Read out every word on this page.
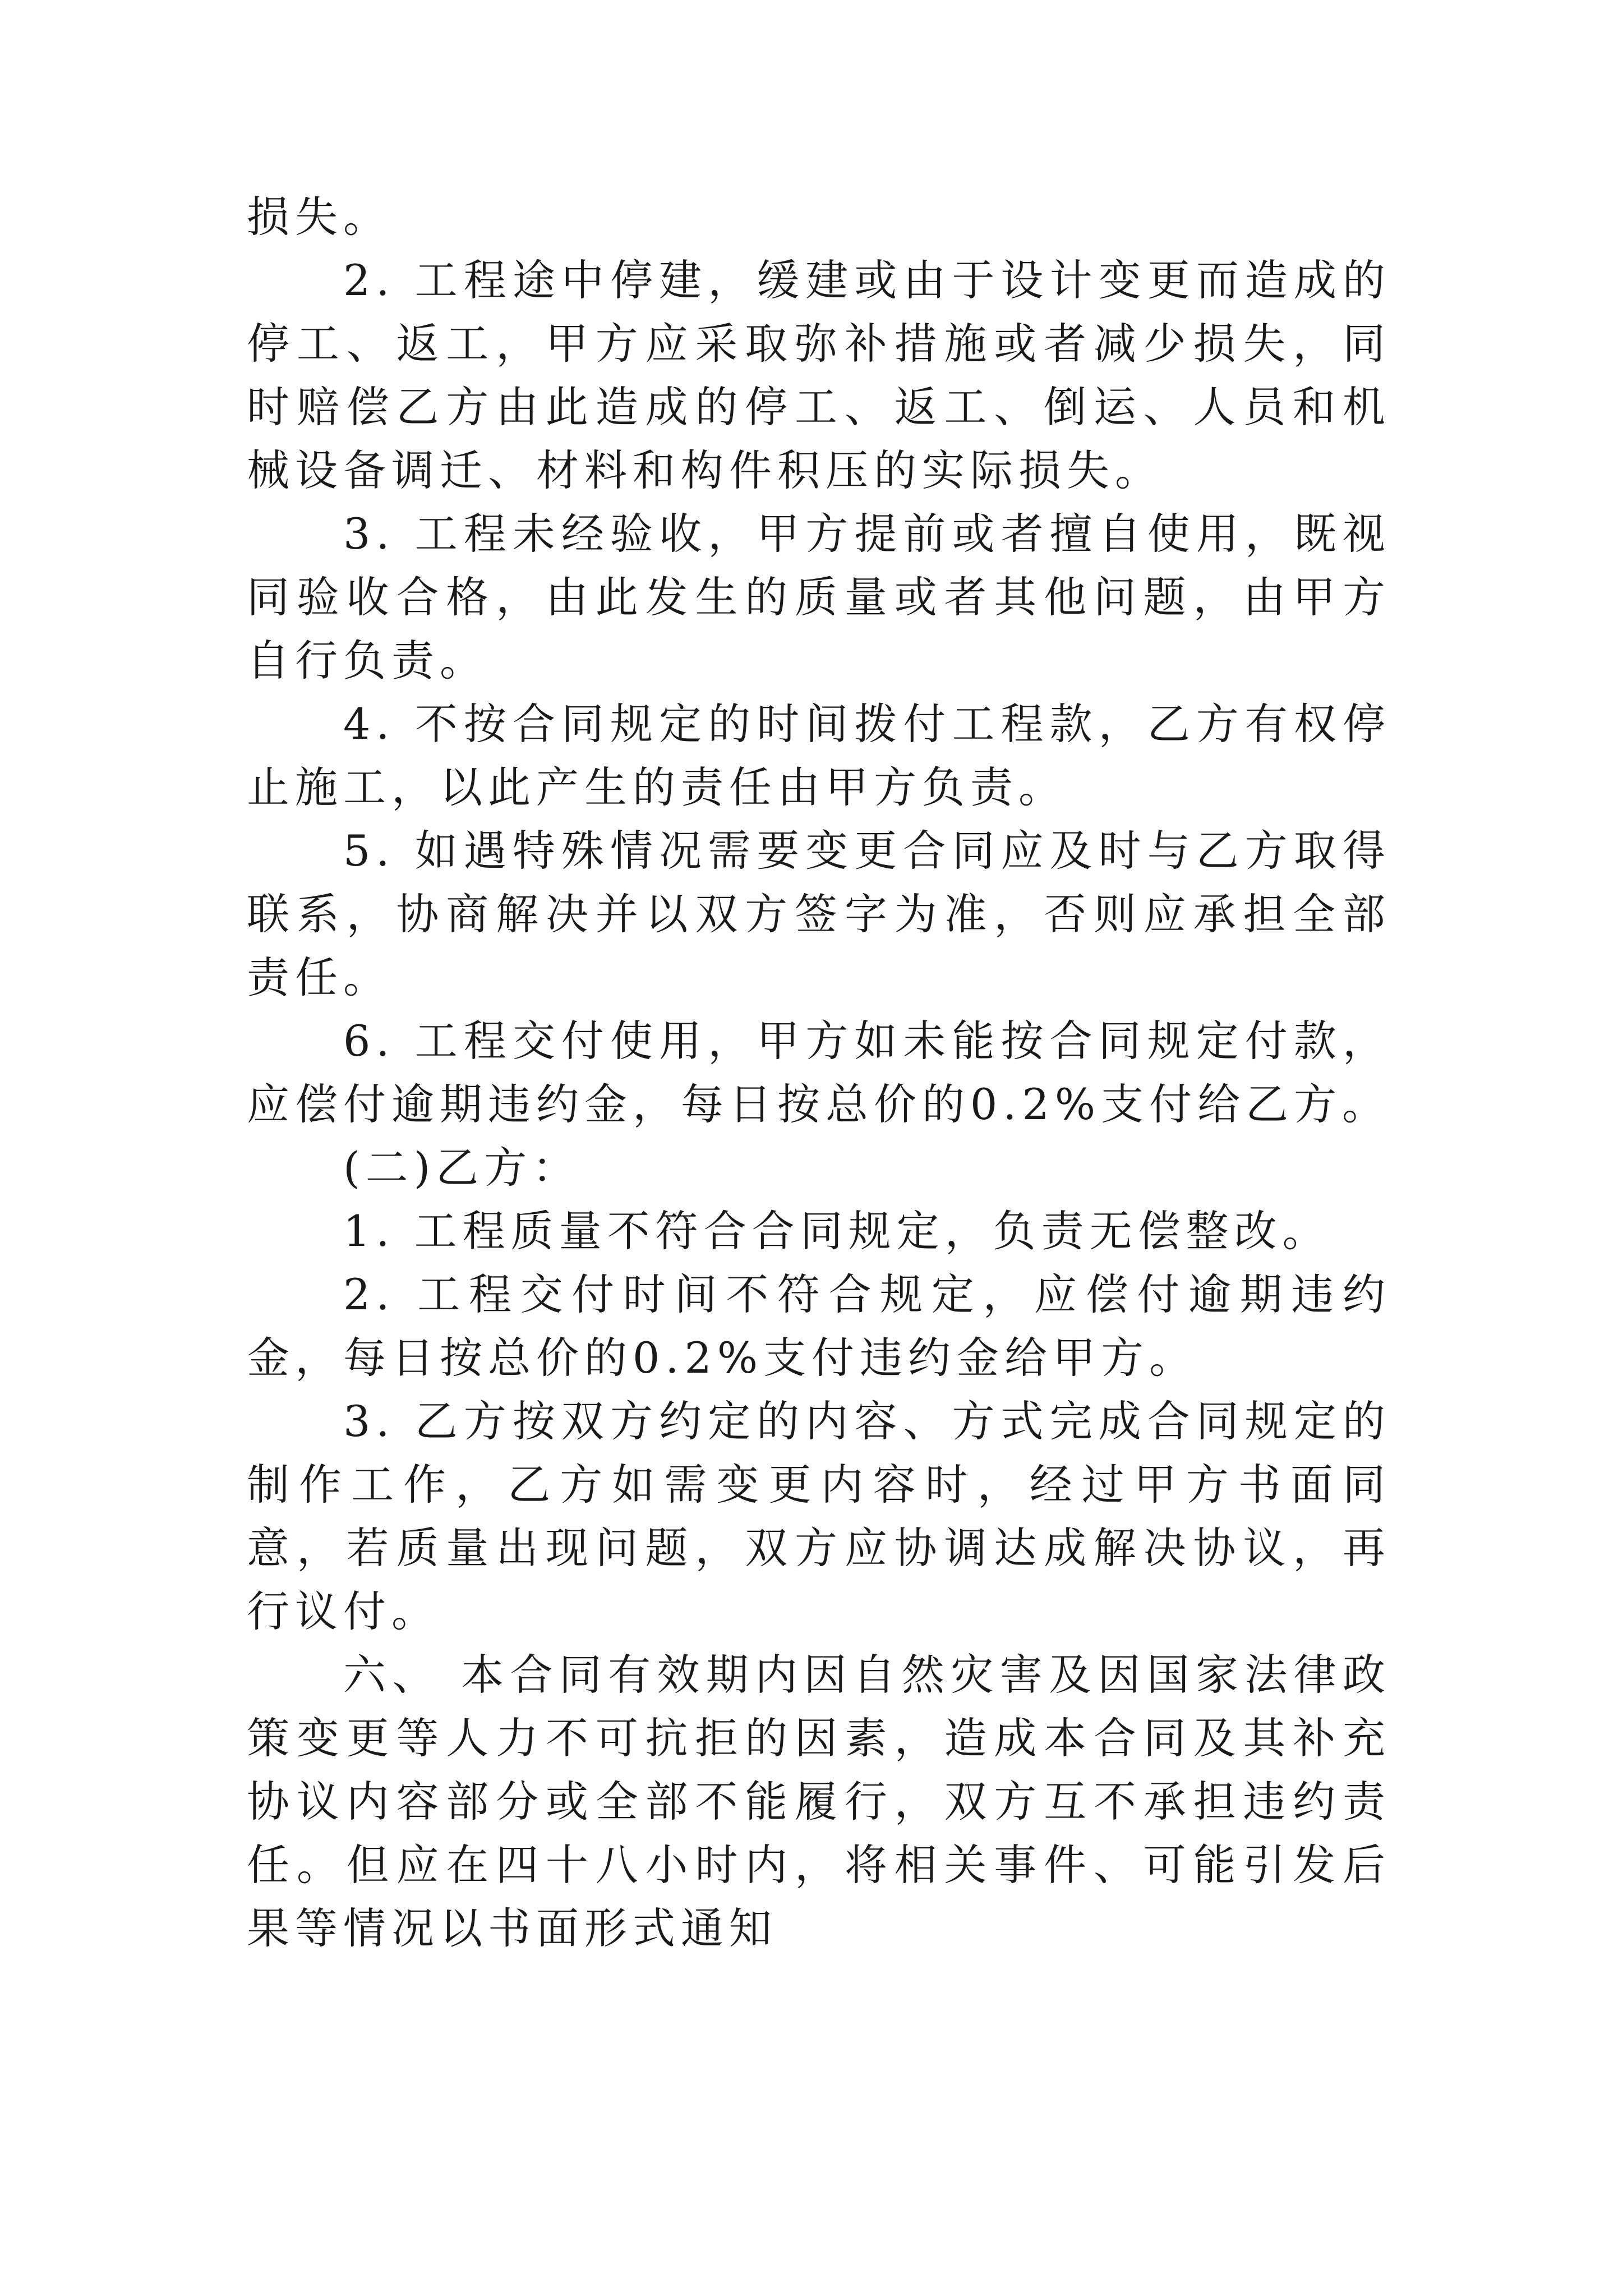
损失。

2. 工程途中停建，缓建或由于设计变更而造成的停工、返工，甲方应采取弥补措施或者减少损失，同时赔偿乙方由此造成的停工、返工、倒运、人员和机械设备调迁、材料和构件积压的实际损失。

3. 工程未经验收，甲方提前或者擅自使用，既视同验收合格，由此发生的质量或者其他问题，由甲方自行负责。

4. 不按合同规定的时间拨付工程款，乙方有权停止施工，以此产生的责任由甲方负责。

5. 如遇特殊情况需要变更合同应及时与乙方取得联系，协商解决并以双方签字为准，否则应承担全部责任。

6. 工程交付使用，甲方如未能按合同规定付款，应偿付逾期违约金，每日按总价的0.2%支付给乙方。

(二)乙方：

1. 工程质量不符合合同规定，负责无偿整改。

2. 工程交付时间不符合规定，应偿付逾期违约金，每日按总价的0.2%支付违约金给甲方。

3. 乙方按双方约定的内容、方式完成合同规定的制作工作，乙方如需变更内容时，经过甲方书面同意，若质量出现问题，双方应协调达成解决协议，再行议付。

六、 本合同有效期内因自然灾害及因国家法律政策变更等人力不可抗拒的因素，造成本合同及其补充协议内容部分或全部不能履行，双方互不承担违约责任。但应在四十八小时内，将相关事件、可能引发后果等情况以书面形式通知
